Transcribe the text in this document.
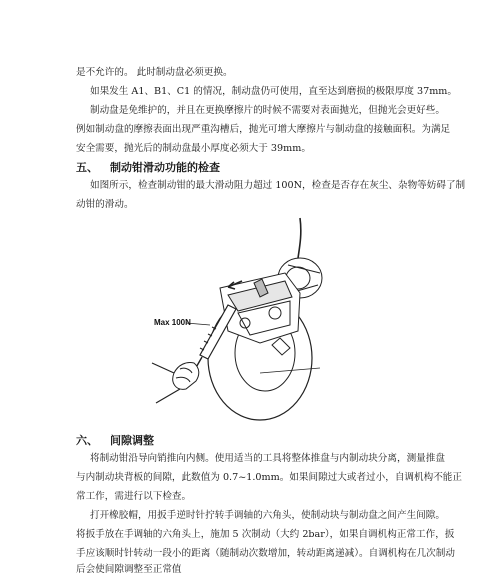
是不允许的。 此时制动盘必须更换。
如果发生 A1、B1、C1 的情况，制动盘仍可使用，直至达到磨损的极限厚度 37mm。
制动盘是免维护的，并且在更换摩擦片的时候不需要对表面抛光，但抛光会更好些。
例如制动盘的摩擦表面出现严重沟槽后，抛光可增大摩擦片与制动盘的接触面积。为满足
安全需要，抛光后的制动盘最小厚度必须大于 39mm。
五、 制动钳滑动功能的检查
如图所示，检查制动钳的最大滑动阻力超过 100N，检查是否存在灰尘、杂物等妨碍了制
动钳的滑动。
Max 100N
六、 间隙调整
将制动钳沿导向销推向内侧。使用适当的工具将整体推盘与内制动块分离，测量推盘
与内制动块背板的间隙，此数值为 0.7~1.0mm。如果间隙过大或者过小，自调机构不能正
常工作，需进行以下检查。
打开橡胶帽，用扳手逆时针拧转手调轴的六角头，使制动块与制动盘之间产生间隙。
将扳手放在手调轴的六角头上，施加 5 次制动（大约 2bar），如果自调机构正常工作，扳
手应该顺时针转动一段小的距离（随制动次数增加，转动距离递减）。自调机构在几次制动
后会使间隙调整至正常值
